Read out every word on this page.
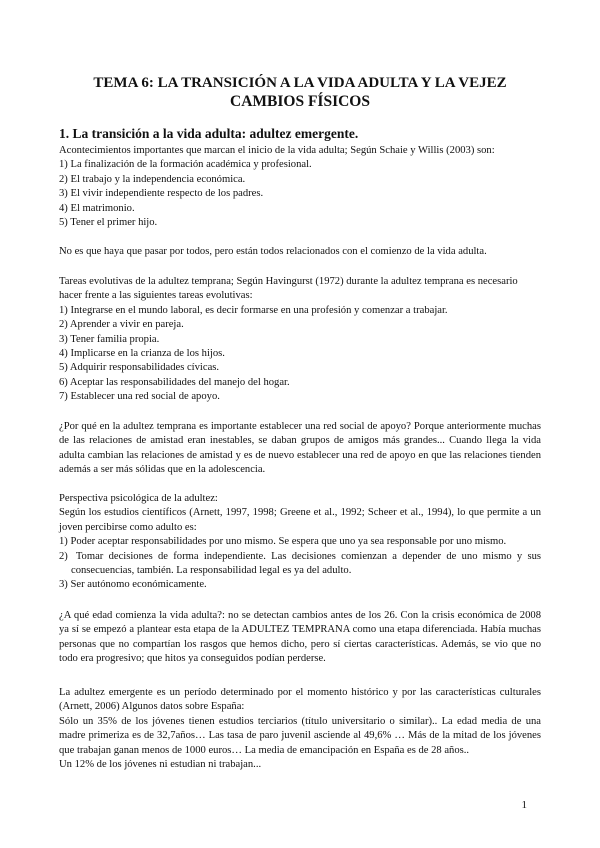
TEMA 6: LA TRANSICIÓN A LA VIDA ADULTA Y LA VEJEZ
CAMBIOS FÍSICOS
1. La transición a la vida adulta: adultez emergente.

Acontecimientos importantes que marcan el inicio de la vida adulta; Según Schaie y Willis (2003) son:

1) La finalización de la formación académica y profesional.

2) El trabajo y la independencia económica.

3) El vivir independiente respecto de los padres.

4) El matrimonio.

5) Tener el primer hijo.

No es que haya que pasar por todos, pero están todos relacionados con el comienzo de la vida adulta.

Tareas evolutivas de la adultez temprana; Según Havingurst (1972) durante la adultez temprana es necesario hacer frente a las siguientes tareas evolutivas:

1) Integrarse en el mundo laboral, es decir formarse en una profesión y comenzar a trabajar.

2) Aprender a vivir en pareja.

3) Tener familia propia.

4) Implicarse en la crianza de los hijos.

5) Adquirir responsabilidades cívicas.

6) Aceptar las responsabilidades del manejo del hogar.

7) Establecer una red social de apoyo.

¿Por qué en la adultez temprana es importante establecer una red social de apoyo? Porque anteriormente muchas de las relaciones de amistad eran inestables, se daban grupos de amigos más grandes... Cuando llega la vida adulta cambian las relaciones de amistad y es de nuevo establecer una red de apoyo en que las relaciones tienden además a ser más sólidas que en la adolescencia.

Perspectiva psicológica de la adultez:

Según los estudios científicos (Arnett, 1997, 1998; Greene et al., 1992; Scheer et al., 1994), lo que permite a un joven percibirse como adulto es:

1) Poder aceptar responsabilidades por uno mismo. Se espera que uno ya sea responsable por uno mismo.

2) Tomar decisiones de forma independiente. Las decisiones comienzan a depender de uno mismo y sus consecuencias, también. La responsabilidad legal es ya del adulto.

3) Ser autónomo económicamente.

¿A qué edad comienza la vida adulta?: no se detectan cambios antes de los 26. Con la crisis económica de 2008 ya sí se empezó a plantear esta etapa de la ADULTEZ TEMPRANA como una etapa diferenciada. Había muchas personas que no compartían los rasgos que hemos dicho, pero sí ciertas características. Además, se vio que no todo era progresivo; que hitos ya conseguidos podían perderse.

La adultez emergente es un período determinado por el momento histórico y por las características culturales (Arnett, 2006) Algunos datos sobre España:

Sólo un 35% de los jóvenes tienen estudios terciarios (título universitario o similar).. La edad media de una madre primeriza es de 32,7años… Las tasa de paro juvenil asciende al 49,6% … Más de la mitad de los jóvenes que trabajan ganan menos de 1000 euros… La media de emancipación en España es de 28 años..

Un 12% de los jóvenes ni estudian ni trabajan...

1
